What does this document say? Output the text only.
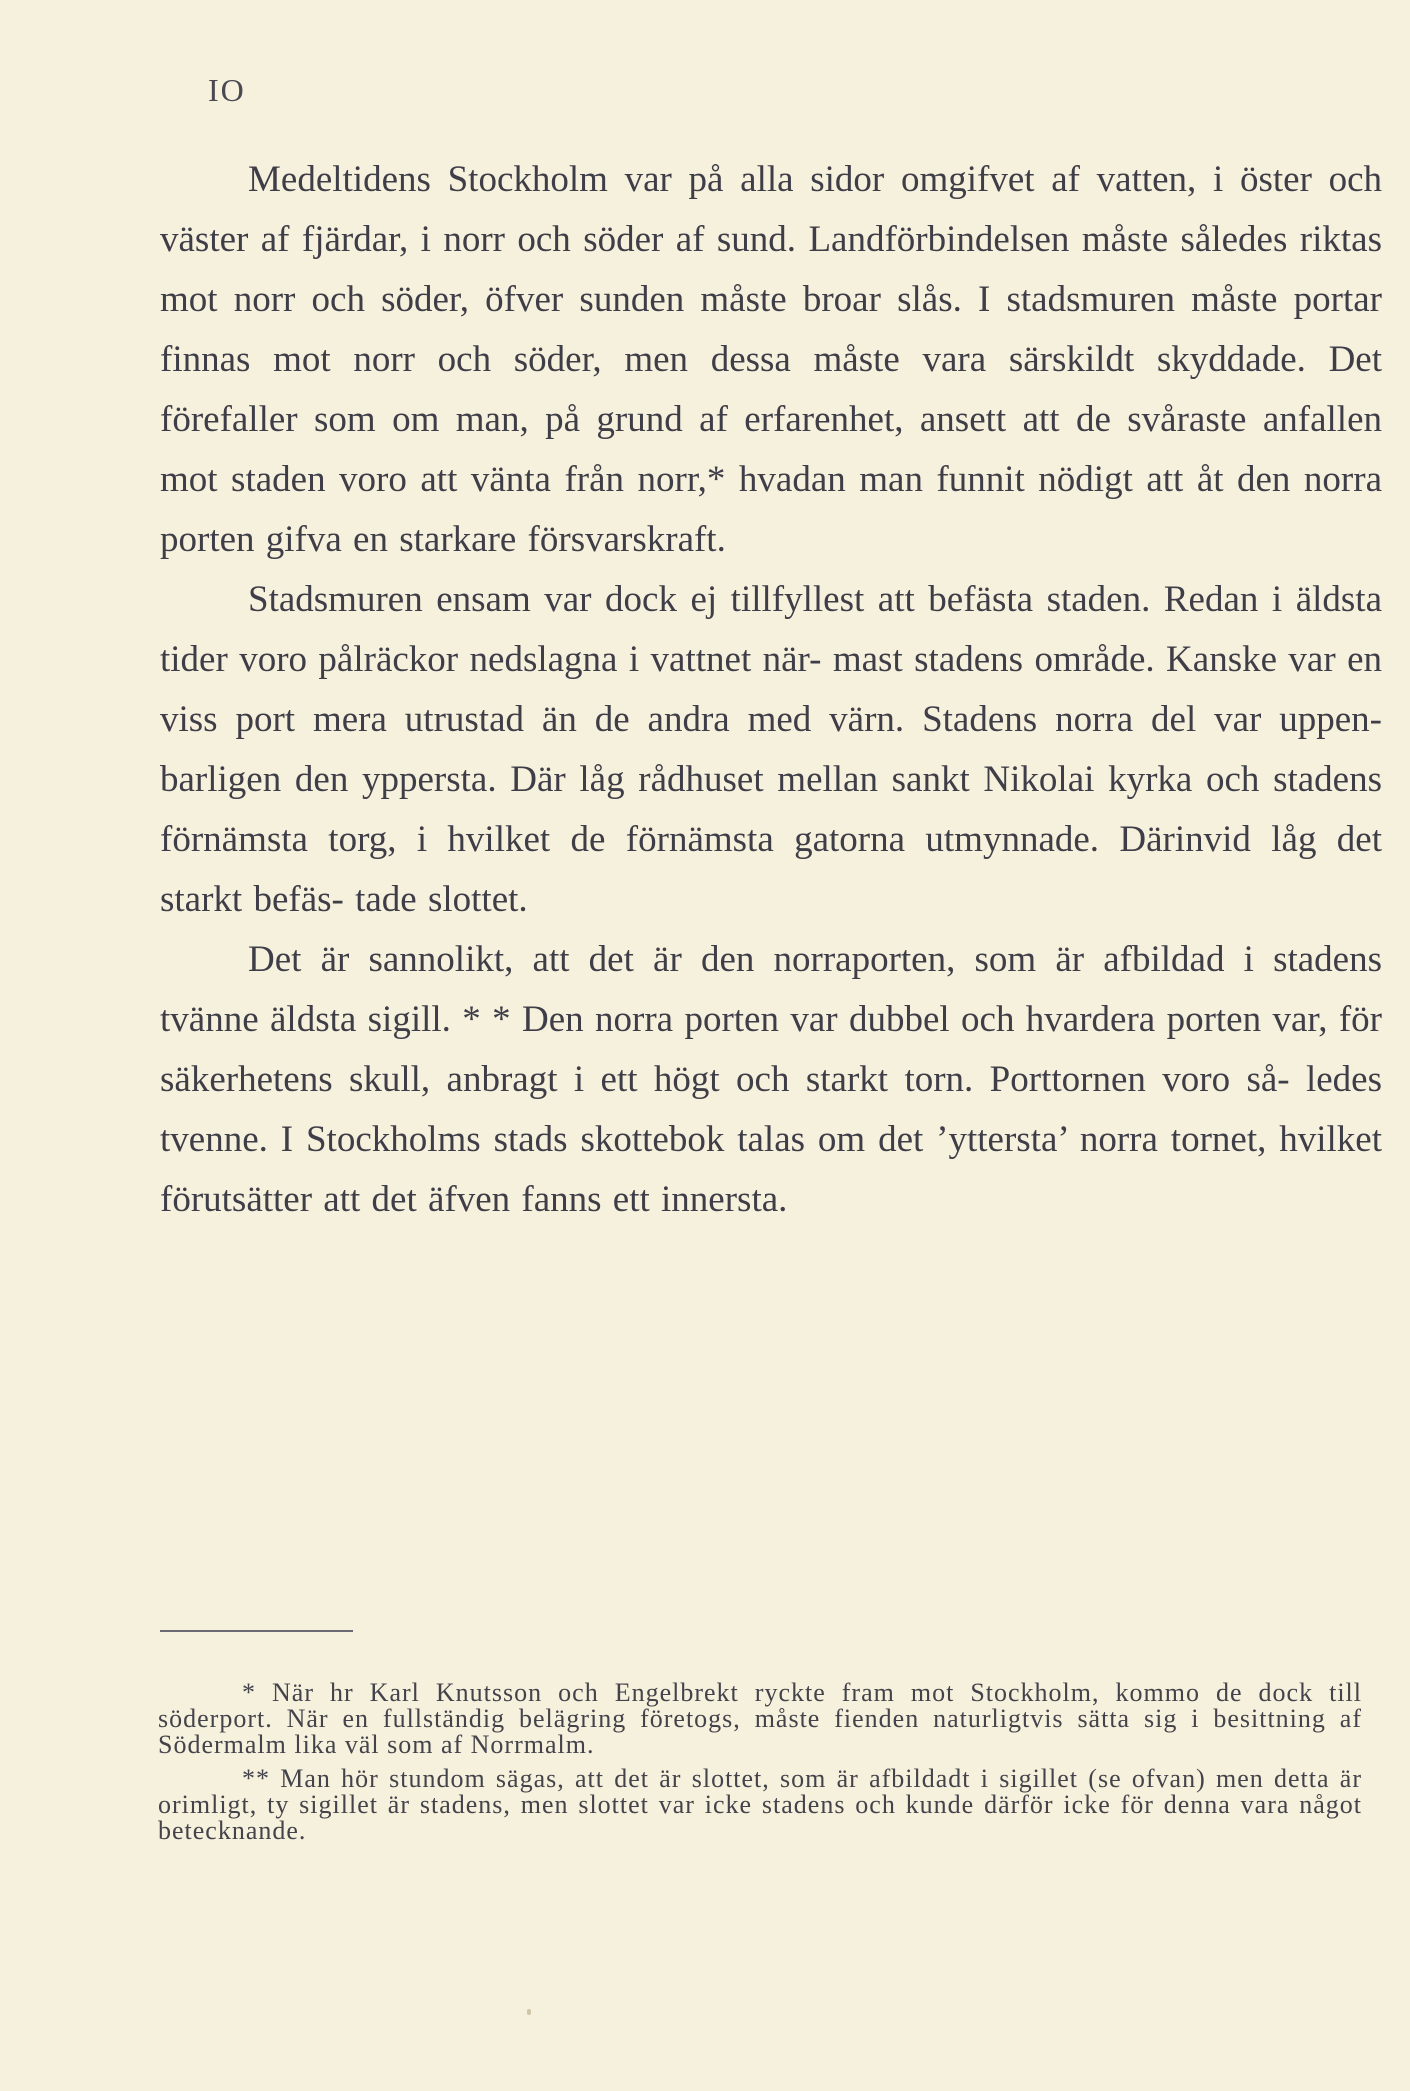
IO

Medeltidens Stockholm var på alla sidor omgifvet af vatten, i öster och väster af fjärdar, i norr och söder af sund. Landförbindelsen måste således riktas mot norr och söder, öfver sunden måste broar slås. I stadsmuren måste portar finnas mot norr och söder, men dessa måste vara särskildt skyddade. Det förefaller som om man, på grund af erfarenhet, ansett att de svåraste anfallen mot staden voro att vänta från norr,* hvadan man funnit nödigt att åt den norra porten gifva en starkare försvarskraft.

Stadsmuren ensam var dock ej tillfyllest att befästa staden. Redan i äldsta tider voro pålräckor nedslagna i vattnet när- mast stadens område. Kanske var en viss port mera utrustad än de andra med värn. Stadens norra del var uppen- barligen den yppersta. Där låg rådhuset mellan sankt Nikolai kyrka och stadens förnämsta torg, i hvilket de förnämsta gatorna utmynnade. Därinvid låg det starkt befäs- tade slottet.

Det är sannolikt, att det är den norraporten, som är afbildad i stadens tvänne äldsta sigill. * * Den norra porten var dubbel och hvardera porten var, för säkerhetens skull, anbragt i ett högt och starkt torn. Porttornen voro så- ledes tvenne. I Stockholms stads skottebok talas om det ’yttersta’ norra tornet, hvilket förutsätter att det äfven fanns ett innersta.

* När hr Karl Knutsson och Engelbrekt ryckte fram mot Stockholm, kommo de dock till söderport. När en fullständig belägring företogs, måste fienden naturligtvis sätta sig i besittning af Södermalm lika väl som af Norrmalm.

** Man hör stundom sägas, att det är slottet, som är afbildadt i sigillet (se ofvan) men detta är orimligt, ty sigillet är stadens, men slottet var icke stadens och kunde därför icke för denna vara något betecknande.
